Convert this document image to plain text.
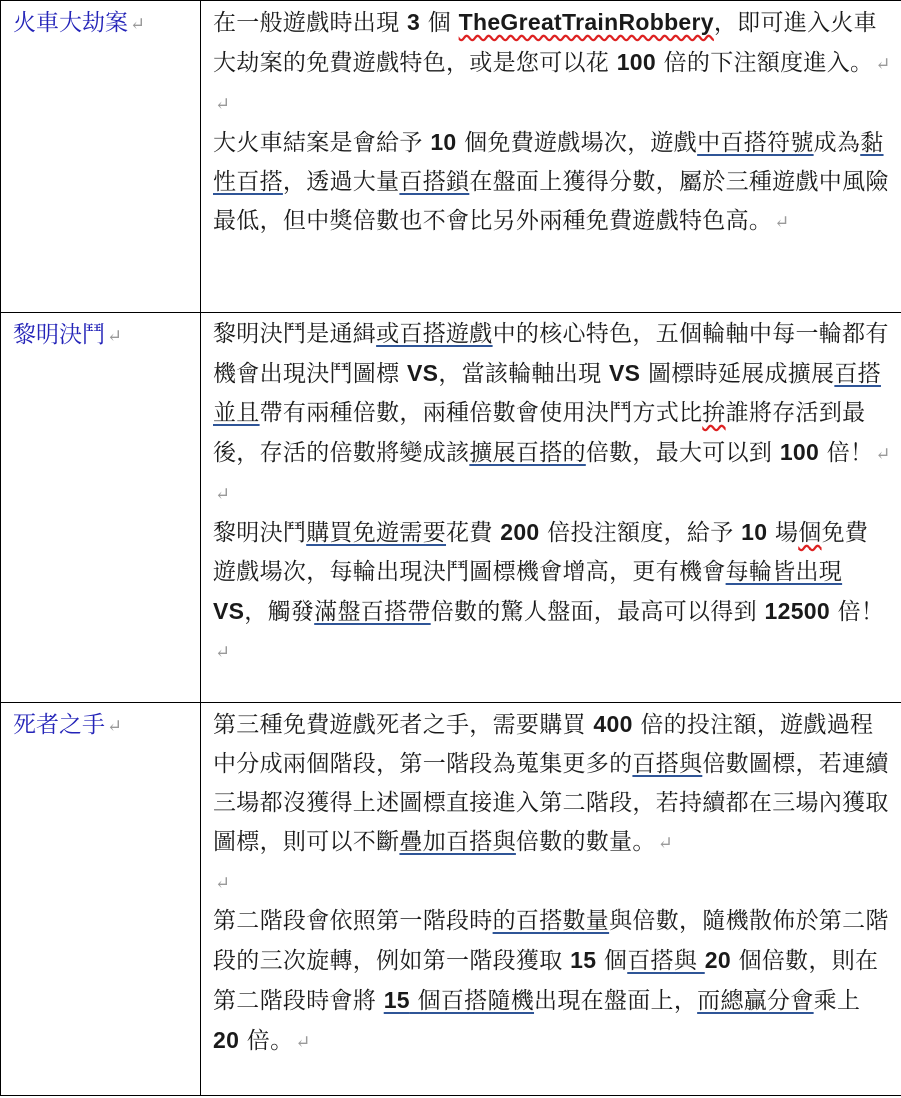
火車大劫案 ↵	在一般遊戲時出現 3 個 TheGreatTrainRobbery，即可進入火車大劫案的免費遊戲特色，或是您可以花 100 倍的下注額度進入。 ↵
↵
大火車結案是會給予 10 個免費遊戲場次，遊戲中百搭符號成為黏性百搭，透過大量百搭鎖在盤面上獲得分數，屬於三種遊戲中風險最低，但中獎倍數也不會比另外兩種免費遊戲特色高。 ↵

黎明決鬥 ↵	黎明決鬥是通緝或百搭遊戲中的核心特色，五個輪軸中每一輪都有機會出現決鬥圖標 VS，當該輪軸出現 VS 圖標時延展成擴展百搭並且帶有兩種倍數，兩種倍數會使用決鬥方式比拚誰將存活到最後，存活的倍數將變成該擴展百搭的倍數，最大可以到 100 倍！ ↵
↵
黎明決鬥購買免遊需要花費 200 倍投注額度，給予 10 場個免費遊戲場次，每輪出現決鬥圖標機會增高，更有機會每輪皆出現 VS，觸發滿盤百搭帶倍數的驚人盤面，最高可以得到 12500 倍！↵

死者之手 ↵	第三種免費遊戲死者之手，需要購買 400 倍的投注額，遊戲過程中分成兩個階段，第一階段為蒐集更多的百搭與倍數圖標，若連續三場都沒獲得上述圖標直接進入第二階段，若持續都在三場內獲取圖標，則可以不斷疊加百搭與倍數的數量。 ↵
↵
第二階段會依照第一階段時的百搭數量與倍數，隨機散佈於第二階段的三次旋轉，例如第一階段獲取 15 個百搭與 20 個倍數，則在第二階段時會將 15 個百搭隨機出現在盤面上，而總贏分會乘上 20 倍。 ↵
